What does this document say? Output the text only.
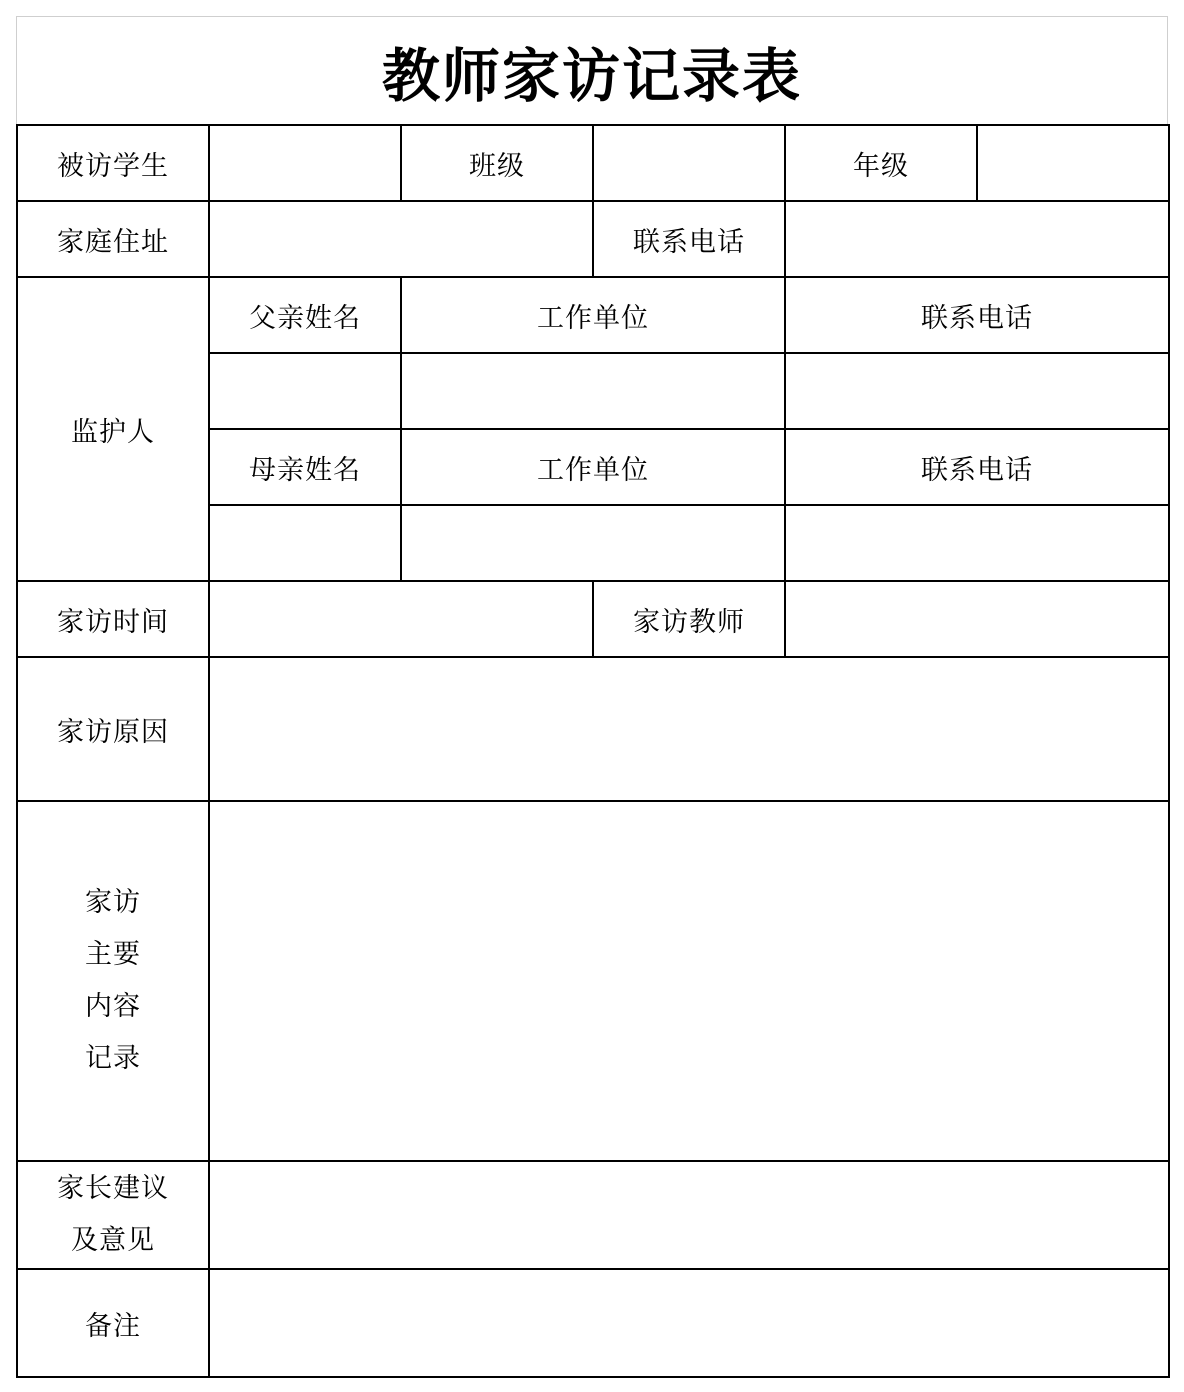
教师家访记录表
被访学生		班级		年级	
家庭住址			联系电话		
监护人	父亲姓名	工作单位		联系电话	

	母亲姓名	工作单位		联系电话	

家访时间			家访教师		
家访原因					

家访
主要
内容
记录					

家长建议
及意见					

备注					
